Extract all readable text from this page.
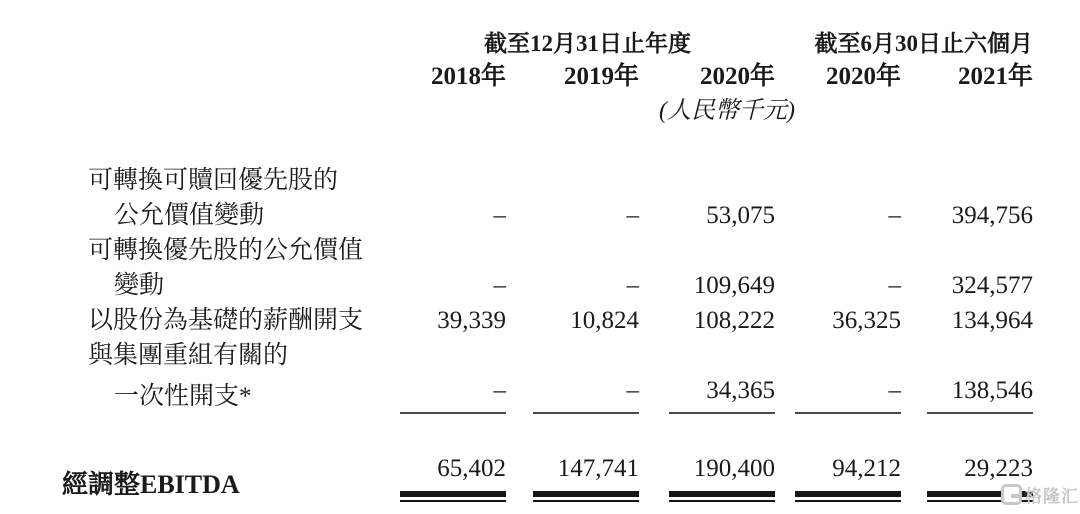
	截至12月31日止年度			截至6月30日止六個月	
	2018年	2019年	2020年	2020年	2021年
			(人民幣千元)		

可轉換可贖回優先股的					
公允價值變動	–	–	53,075	–	394,756
可轉換優先股的公允價值					
變動	–	–	109,649	–	324,577
以股份為基礎的薪酬開支	39,339	10,824	108,222	36,325	134,964
與集團重組有關的					
一次性開支*	–	–	34,365	–	138,546

經調整EBITDA	65,402	147,741	190,400	94,212	29,223
格隆汇
